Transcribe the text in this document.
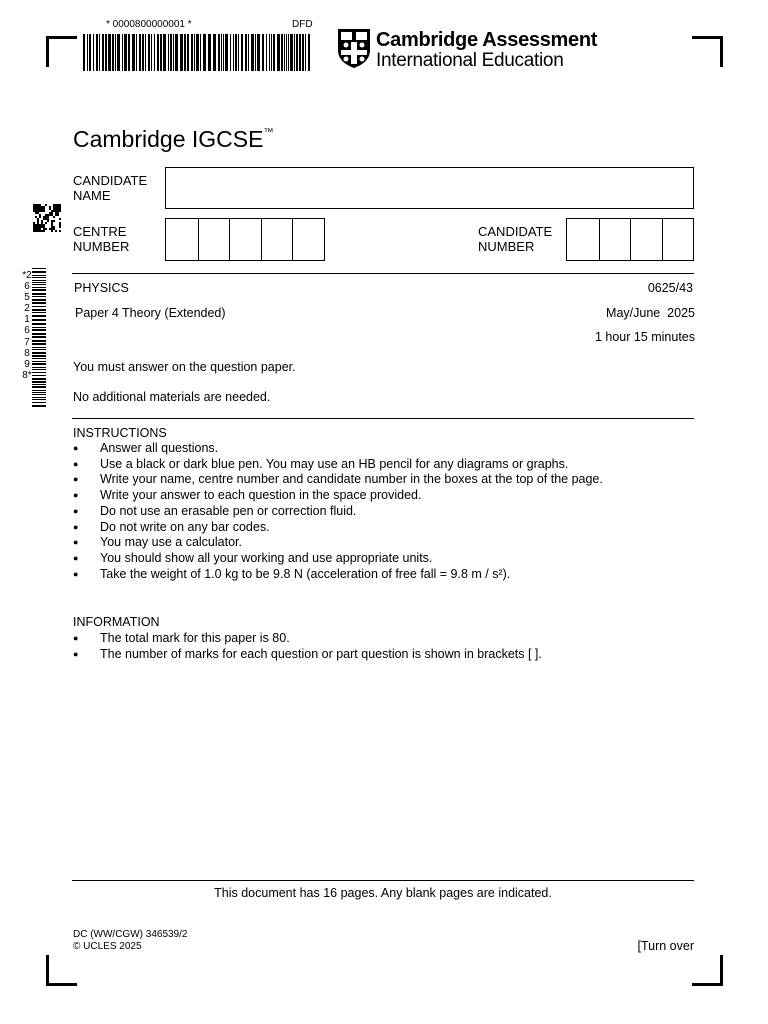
* 0000800000001 *	DFD
Cambridge Assessment
International Education
Cambridge IGCSE™
CANDIDATE
NAME
CENTRE
NUMBER
CANDIDATE
NUMBER
*2652167898*
PHYSICS	0625/43
Paper 4 Theory (Extended)	May/June  2025
1 hour 15 minutes
You must answer on the question paper.
No additional materials are needed.
INSTRUCTIONS
● Answer all questions.
● Use a black or dark blue pen. You may use an HB pencil for any diagrams or graphs.
● Write your name, centre number and candidate number in the boxes at the top of the page.
● Write your answer to each question in the space provided.
● Do not use an erasable pen or correction fluid.
● Do not write on any bar codes.
● You may use a calculator.
● You should show all your working and use appropriate units.
● Take the weight of 1.0 kg to be 9.8 N (acceleration of free fall = 9.8 m / s²).
INFORMATION
● The total mark for this paper is 80.
● The number of marks for each question or part question is shown in brackets [ ].
This document has 16 pages. Any blank pages are indicated.
DC (WW/CGW) 346539/2
© UCLES 2025	[Turn over
